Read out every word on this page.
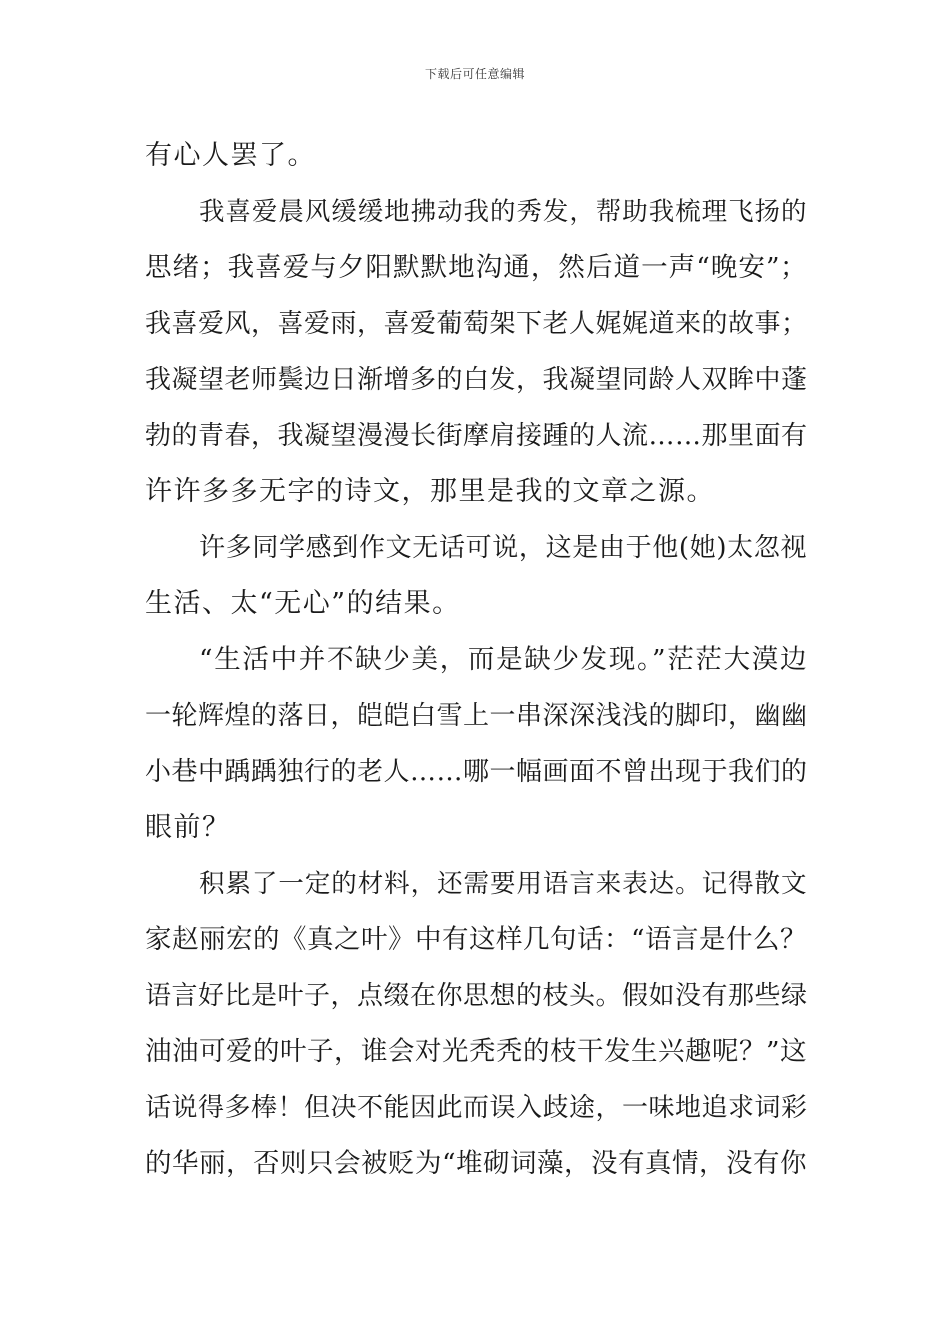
下载后可任意编辑
有心人罢了。
我喜爱晨风缓缓地拂动我的秀发，帮助我梳理飞扬的
思绪；我喜爱与夕阳默默地沟通，然后道一声“晚安”；
我喜爱风，喜爱雨，喜爱葡萄架下老人娓娓道来的故事；
我凝望老师鬓边日渐增多的白发，我凝望同龄人双眸中蓬
勃的青春，我凝望漫漫长街摩肩接踵的人流……那里面有
许许多多无字的诗文，那里是我的文章之源。
许多同学感到作文无话可说，这是由于他(她)太忽视
生活、太“无心”的结果。
“生活中并不缺少美，而是缺少发现。”茫茫大漠边
一轮辉煌的落日，皑皑白雪上一串深深浅浅的脚印，幽幽
小巷中踽踽独行的老人……哪一幅画面不曾出现于我们的
眼前？
积累了一定的材料，还需要用语言来表达。记得散文
家赵丽宏的《真之叶》中有这样几句话：“语言是什么？
语言好比是叶子，点缀在你思想的枝头。假如没有那些绿
油油可爱的叶子，谁会对光秃秃的枝干发生兴趣呢？”这
话说得多棒！但决不能因此而误入歧途，一味地追求词彩
的华丽，否则只会被贬为“堆砌词藻，没有真情，没有你
